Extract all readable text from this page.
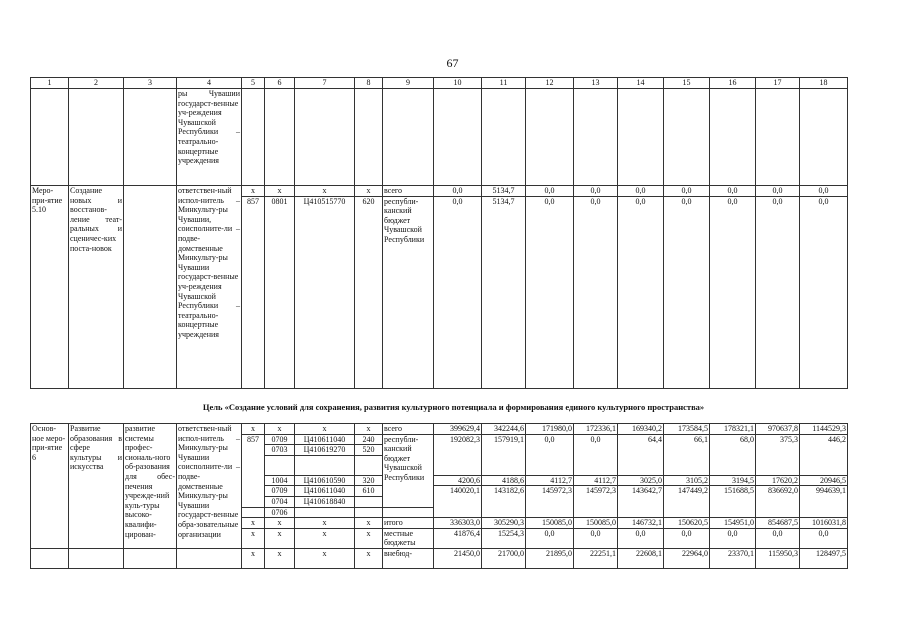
67
1	2	3	4	5	6	7	8	9	10	11	12	13	14	15	16	17	18
			ры Чувашии государст-венные уч-реждения Чувашской Республики – театрально-концертные учреждения														
Меро-при-ятие 5.10	Создание новых и восстанов-ление теат-ральных и сценичес-ких поста-новок		ответствен-ный испол-нитель – Минкульту-ры Чувашии, соисполните-ли – подве-домственные Минкульту-ры Чувашии государст-венные уч-реждения Чувашской Республики – театрально-концертные учреждения	x	x	x	x	всего	0,0	5134,7	0,0	0,0	0,0	0,0	0,0	0,0	0,0
				857	0801	Ц410515770	620	республи-канский бюджет Чувашской Республики	0,0	5134,7	0,0	0,0	0,0	0,0	0,0	0,0	0,0
Цель «Создание условий для сохранения, развития культурного потенциала и формирования единого культурного пространства»
Основ-ное меро-при-ятие 6	Развитие образования в сфере культуры и искусства	развитие системы профес-сиональ-ного об-разования для обес-печения учрежде-ний куль-туры высоко-квалифи-цирован-	ответствен-ный испол-нитель – Минкульту-ры Чувашии соисполните-ли – подве-домственные Минкульту-ры Чувашии государст-венные обра-зовательные организации	x	x	x	x	всего	399629,4	342244,6	171980,0	172336,1	169340,2	173584,5	178321,1	970637,8	1144529,3
				857	0709	Ц410611040	240	республи-канский бюджет Чувашской Республики	192082,3	157919,1	0,0	0,0	64,4	66,1	68,0	375,3	446,2
					0703	Ц410619270	520										

					1004	Ц410610590	320		4200,6	4188,6	4112,7	4112,7	3025,0	3105,2	3194,5	17620,2	20946,5
					0709	Ц410611040	610		140020,1	143182,6	145972,3	145972,3	143642,7	147449,2	151688,5	836692,0	994639,1
					0704	Ц410618840											
					0706												
				x	x	x	x	итого	336303,0	305290,3	150085,0	150085,0	146732,1	150620,5	154951,0	854687,5	1016031,8
				x	x	x	x	местные бюджеты	41876,4	15254,3	0,0	0,0	0,0	0,0	0,0	0,0	0,0
				x	x	x	x	внебюд-	21450,0	21700,0	21895,0	22251,1	22608,1	22964,0	23370,1	115950,3	128497,5
